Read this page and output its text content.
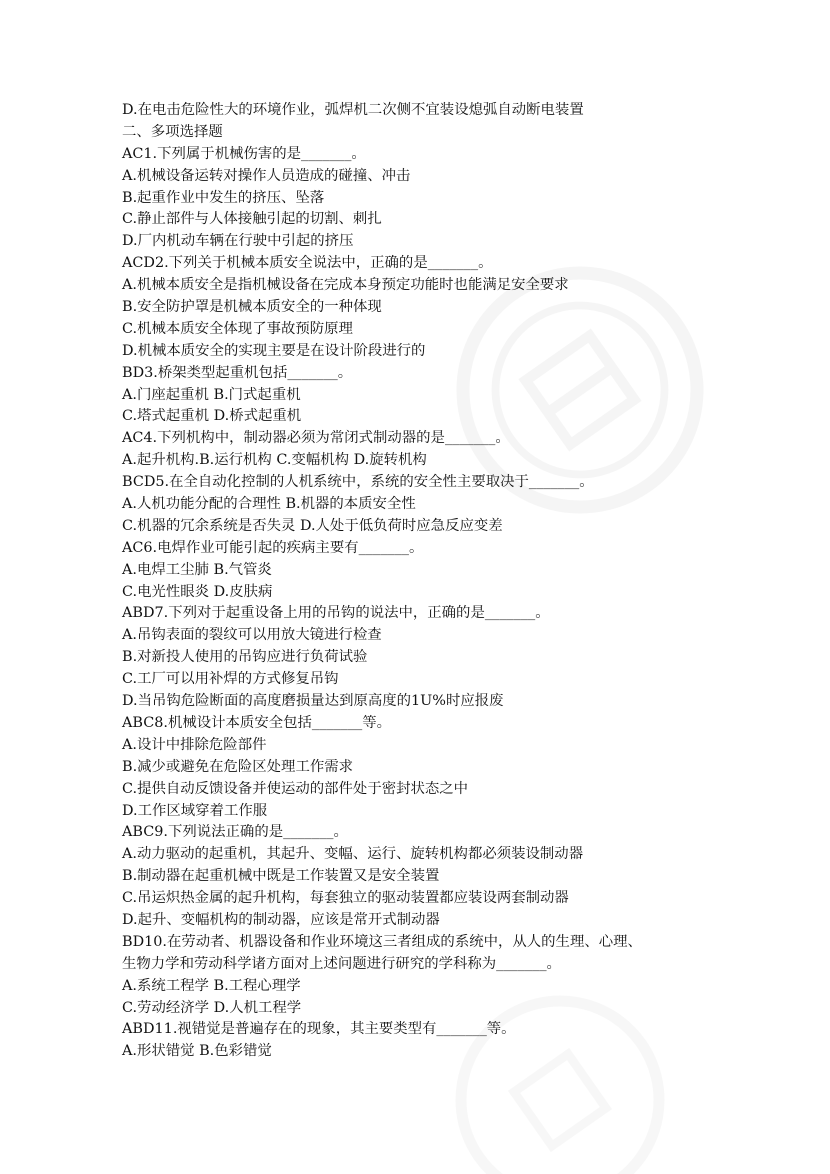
D.在电击危险性大的环境作业，弧焊机二次侧不宜装设熄弧自动断电装置

二、多项选择题

AC1.下列属于机械伤害的是_______。

A.机械设备运转对操作人员造成的碰撞、冲击

B.起重作业中发生的挤压、坠落

C.静止部件与人体接触引起的切割、刺扎

D.厂内机动车辆在行驶中引起的挤压

ACD2.下列关于机械本质安全说法中，正确的是_______。

A.机械本质安全是指机械设备在完成本身预定功能时也能满足安全要求

B.安全防护罩是机械本质安全的一种体现

C.机械本质安全体现了事故预防原理

D.机械本质安全的实现主要是在设计阶段进行的

BD3.桥架类型起重机包括_______。

A.门座起重机 B.门式起重机

C.塔式起重机 D.桥式起重机

AC4.下列机构中，制动器必须为常闭式制动器的是_______。

A.起升机构.B.运行机构 C.变幅机构 D.旋转机构

BCD5.在全自动化控制的人机系统中，系统的安全性主要取决于_______。

A.人机功能分配的合理性 B.机器的本质安全性

C.机器的冗余系统是否失灵 D.人处于低负荷时应急反应变差

AC6.电焊作业可能引起的疾病主要有_______。

A.电焊工尘肺 B.气管炎

C.电光性眼炎 D.皮肤病

ABD7.下列对于起重设备上用的吊钩的说法中，正确的是_______。

A.吊钩表面的裂纹可以用放大镜进行检查

B.对新投人使用的吊钩应进行负荷试验

C.工厂可以用补焊的方式修复吊钩

D.当吊钩危险断面的高度磨损量达到原高度的1U%时应报废

ABC8.机械设计本质安全包括_______等。

A.设计中排除危险部件

B.减少或避免在危险区处理工作需求

C.提供自动反馈设备并使运动的部件处于密封状态之中

D.工作区域穿着工作服

ABC9.下列说法正确的是_______。

A.动力驱动的起重机，其起升、变幅、运行、旋转机构都必须装设制动器

B.制动器在起重机械中既是工作装置又是安全装置

C.吊运炽热金属的起升机构，每套独立的驱动装置都应装设两套制动器

D.起升、变幅机构的制动器，应该是常开式制动器

BD10.在劳动者、机器设备和作业环境这三者组成的系统中，从人的生理、心理、

生物力学和劳动科学诸方面对上述问题进行研究的学科称为_______。

A.系统工程学 B.工程心理学

C.劳动经济学 D.人机工程学

ABD11.视错觉是普遍存在的现象，其主要类型有_______等。

A.形状错觉 B.色彩错觉
